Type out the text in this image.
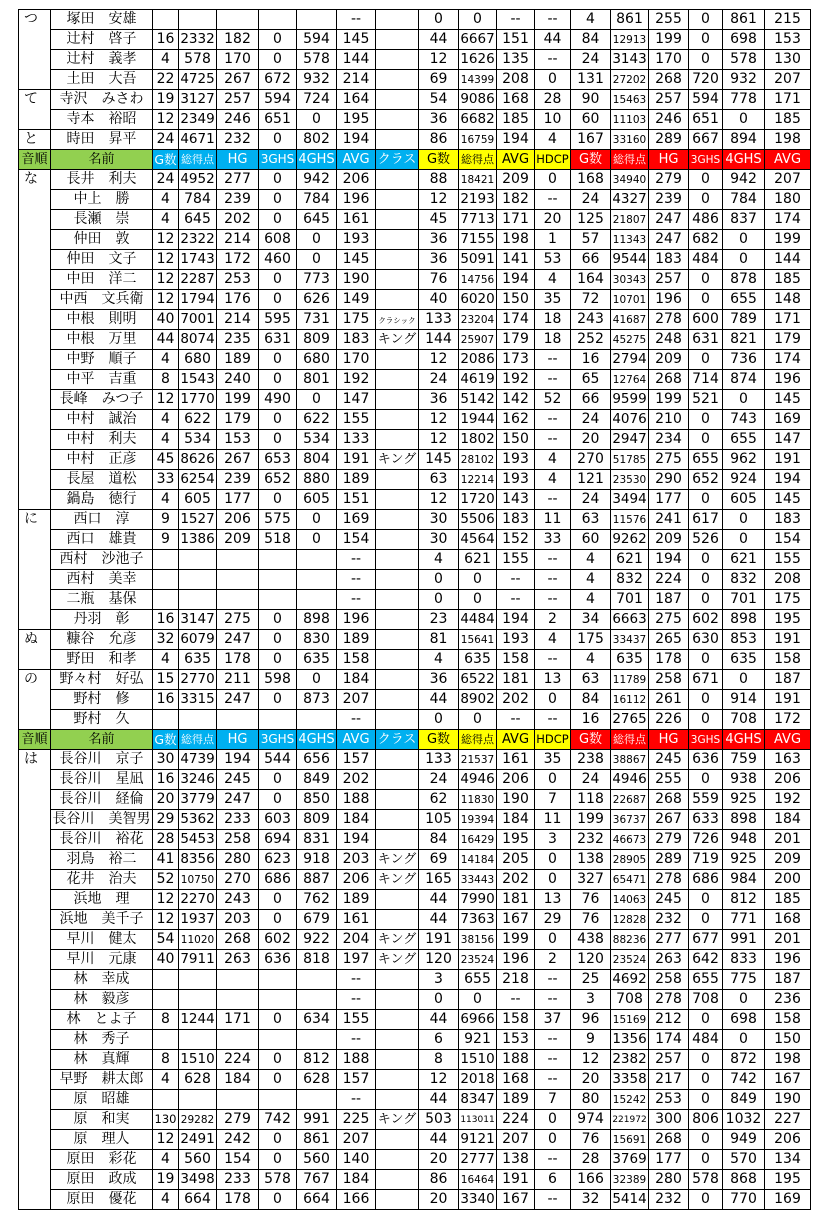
つ	塚田　安雄						--		0	0	--	--	4	861	255	0	861	215
	辻村　啓子	16	2332	182	0	594	145		44	6667	151	44	84	12913	199	0	698	153
	辻村　義孝	4	578	170	0	578	144		12	1626	135	--	24	3143	170	0	578	130
	土田　大吾	22	4725	267	672	932	214		69	14399	208	0	131	27202	268	720	932	207
て	寺沢　みさわ	19	3127	257	594	724	164		54	9086	168	28	90	15463	257	594	778	171
	寺本　裕昭	12	2349	246	651	0	195		36	6682	185	10	60	11103	246	651	0	185
と	時田　昇平	24	4671	232	0	802	194		86	16759	194	4	167	33160	289	667	894	198
音順	名前	G数	総得点	HG	3GHS	4GHS	AVG	クラス	G数	総得点	AVG	HDCP	G数	総得点	HG	3GHS	4GHS	AVG
な	長井　利夫	24	4952	277	0	942	206		88	18421	209	0	168	34940	279	0	942	207
	中上　勝	4	784	239	0	784	196		12	2193	182	--	24	4327	239	0	784	180
	長瀬　崇	4	645	202	0	645	161		45	7713	171	20	125	21807	247	486	837	174
	仲田　敦	12	2322	214	608	0	193		36	7155	198	1	57	11343	247	682	0	199
	仲田　文子	12	1743	172	460	0	145		36	5091	141	53	66	9544	183	484	0	144
	中田　洋二	12	2287	253	0	773	190		76	14756	194	4	164	30343	257	0	878	185
	中西　文兵衛	12	1794	176	0	626	149		40	6020	150	35	72	10701	196	0	655	148
	中根　則明	40	7001	214	595	731	175	クラシック	133	23204	174	18	243	41687	278	600	789	171
	中根　万里	44	8074	235	631	809	183	キング	144	25907	179	18	252	45275	248	631	821	179
	中野　順子	4	680	189	0	680	170		12	2086	173	--	16	2794	209	0	736	174
	中平　吉重	8	1543	240	0	801	192		24	4619	192	--	65	12764	268	714	874	196
	長峰　みつ子	12	1770	199	490	0	147		36	5142	142	52	66	9599	199	521	0	145
	中村　誠治	4	622	179	0	622	155		12	1944	162	--	24	4076	210	0	743	169
	中村　利夫	4	534	153	0	534	133		12	1802	150	--	20	2947	234	0	655	147
	中村　正彦	45	8626	267	653	804	191	キング	145	28102	193	4	270	51785	275	655	962	191
	長屋　道松	33	6254	239	652	880	189		63	12214	193	4	121	23530	290	652	924	194
	鍋島　徳行	4	605	177	0	605	151		12	1720	143	--	24	3494	177	0	605	145
に	西口　淳	9	1527	206	575	0	169		30	5506	183	11	63	11576	241	617	0	183
	西口　雄貴	9	1386	209	518	0	154		30	4564	152	33	60	9262	209	526	0	154
	西村　沙池子						--		4	621	155	--	4	621	194	0	621	155
	西村　美幸						--		0	0	--	--	4	832	224	0	832	208
	二瓶　基保						--		0	0	--	--	4	701	187	0	701	175
	丹羽　彰	16	3147	275	0	898	196		23	4484	194	2	34	6663	275	602	898	195
ぬ	糠谷　允彦	32	6079	247	0	830	189		81	15641	193	4	175	33437	265	630	853	191
	野田　和孝	4	635	178	0	635	158		4	635	158	--	4	635	178	0	635	158
の	野々村　好弘	15	2770	211	598	0	184		36	6522	181	13	63	11789	258	671	0	187
	野村　修	16	3315	247	0	873	207		44	8902	202	0	84	16112	261	0	914	191
	野村　久						--		0	0	--	--	16	2765	226	0	708	172
音順	名前	G数	総得点	HG	3GHS	4GHS	AVG	クラス	G数	総得点	AVG	HDCP	G数	総得点	HG	3GHS	4GHS	AVG
は	長谷川　京子	30	4739	194	544	656	157		133	21537	161	35	238	38867	245	636	759	163
	長谷川　星凪	16	3246	245	0	849	202		24	4946	206	0	24	4946	255	0	938	206
	長谷川　経倫	20	3779	247	0	850	188		62	11830	190	7	118	22687	268	559	925	192
	長谷川　美智男	29	5362	233	603	809	184		105	19394	184	11	199	36737	267	633	898	184
	長谷川　裕花	28	5453	258	694	831	194		84	16429	195	3	232	46673	279	726	948	201
	羽鳥　裕二	41	8356	280	623	918	203	キング	69	14184	205	0	138	28905	289	719	925	209
	花井　治夫	52	10750	270	686	887	206	キング	165	33443	202	0	327	65471	278	686	984	200
	浜地　理	12	2270	243	0	762	189		44	7990	181	13	76	14063	245	0	812	185
	浜地　美千子	12	1937	203	0	679	161		44	7363	167	29	76	12828	232	0	771	168
	早川　健太	54	11020	268	602	922	204	キング	191	38156	199	0	438	88236	277	677	991	201
	早川　元康	40	7911	263	636	818	197	キング	120	23524	196	2	120	23524	263	642	833	196
	林　幸成						--		3	655	218	--	25	4692	258	655	775	187
	林　毅彦						--		0	0	--	--	3	708	278	708	0	236
	林　とよ子	8	1244	171	0	634	155		44	6966	158	37	96	15169	212	0	698	158
	林　秀子						--		6	921	153	--	9	1356	174	484	0	150
	林　真輝	8	1510	224	0	812	188		8	1510	188	--	12	2382	257	0	872	198
	早野　耕太郎	4	628	184	0	628	157		12	2018	168	--	20	3358	217	0	742	167
	原　昭雄						--		44	8347	189	7	80	15242	253	0	849	190
	原　和実	130	29282	279	742	991	225	キング	503	113011	224	0	974	221972	300	806	1032	227
	原　理人	12	2491	242	0	861	207		44	9121	207	0	76	15691	268	0	949	206
	原田　彩花	4	560	154	0	560	140		20	2777	138	--	28	3769	177	0	570	134
	原田　政成	19	3498	233	578	767	184		86	16464	191	6	166	32389	280	578	868	195
	原田　優花	4	664	178	0	664	166		20	3340	167	--	32	5414	232	0	770	169
